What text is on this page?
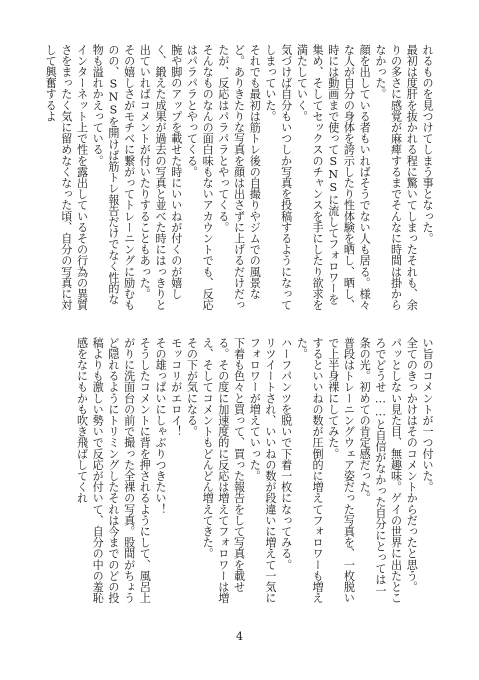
れるものを見つけてしまう事となった。

最初は度肝を抜かれる程に驚いてしまったそれも、余りの多さに感覚が麻痺するまでそんなに時間は掛からなかった。

顔を出している者もいればそうでない人も居る。様々な人が自分の身体を誇示したり性体験を晒し、晒し、時には動画まで使ってSNSに流してフォロワーを集め、そしてセックスのチャンスを手にしたり欲求を満たしていく。

気づけば自分もいつしか写真を投稿するようになってしまっていた。

それでも最初は筋トレ後の自撮りやジムでの風景など。ありきたりな写真を顔は出さずに上げるだけだったが、反応はパラパラとやってくる。

そんなものなんの面白味もないアカウントでも、反応はパラパラとやってくる。

腕や脚のアップを載せた時にいいねが付くのが嬉しく、鍛えた成果が過去の写真と並べた時にはっきりと出ていればコメントが付いたりすることもあった。

その嬉しさがモチベに繋がってトレーニングに励むものの、SNSを開けば筋トレ報告だけでなく性的な物も溢れかえっている。

インターネット上で性を露出しているその行為の異質さをまったく気に留めなくなった頃、自分の写真に対して興奮するよ

い旨のコメントが一つ付いた。

全てのきっかけはそのコメントからだったと思う。

パッとしない見た目、無趣味。ゲイの世界に出たところでどうせ……と自信がなかった自分にとっては一条の光。初めての肯定感だった。

普段はトレーニングウェア姿だった写真を、一枚脱いで上半身裸にしてみた。

するといいねの数が圧倒的に増えてフォロワーも増えた。

ハーフパンツを脱いで下着一枚になってみる。

リツイートされ、いいねの数が段違いに増えて一気にフォロワーが増えていった。

下着も色々と買って、買った報告をして写真を載せる。その度に加速度的に反応は増えてフォロワーは増え、そしてコメントもどんどん増えてきた。

その下が気になる。

モッコリがエロイ！

その雄っぱいにしゃぶりつきたい！

そうしたコメントに背を押されるようにして、風呂上がりに洗面台の前で撮った全裸の写真。股間がちょうど隠れるようにトリミングしたそれは今までのどの投稿よりも激しい勢いで反応が付いて、自分の中の羞恥感をなにもかも吹き飛ばしてくれ

4
